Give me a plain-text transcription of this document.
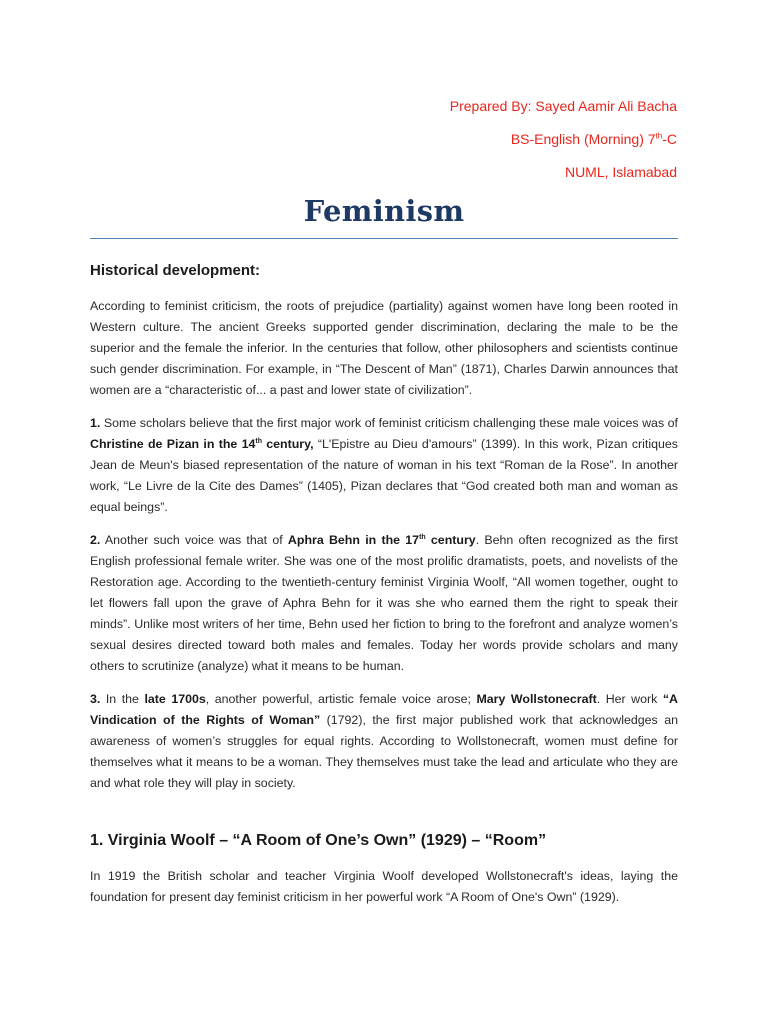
Prepared By: Sayed Aamir Ali Bacha
BS-English (Morning) 7th-C
NUML, Islamabad
Feminism
Historical development:

According to feminist criticism, the roots of prejudice (partiality) against women have long been rooted in Western culture. The ancient Greeks supported gender discrimination, declaring the male to be the superior and the female the inferior. In the centuries that follow, other philosophers and scientists continue such gender discrimination. For example, in “The Descent of Man” (1871), Charles Darwin announces that women are a “characteristic of... a past and lower state of civilization”.

1. Some scholars believe that the first major work of feminist criticism challenging these male voices was of Christine de Pizan in the 14th century, “L'Epistre au Dieu d'amours” (1399). In this work, Pizan critiques Jean de Meun's biased representation of the nature of woman in his text “Roman de la Rose”. In another work, “Le Livre de la Cite des Dames” (1405), Pizan declares that “God created both man and woman as equal beings”.

2. Another such voice was that of Aphra Behn in the 17th century. Behn often recognized as the first English professional female writer. She was one of the most prolific dramatists, poets, and novelists of the Restoration age. According to the twentieth-century feminist Virginia Woolf, “All women together, ought to let flowers fall upon the grave of Aphra Behn for it was she who earned them the right to speak their minds”. Unlike most writers of her time, Behn used her fiction to bring to the forefront and analyze women’s sexual desires directed toward both males and females. Today her words provide scholars and many others to scrutinize (analyze) what it means to be human.

3. In the late 1700s, another powerful, artistic female voice arose; Mary Wollstonecraft. Her work “A Vindication of the Rights of Woman” (1792), the first major published work that acknowledges an awareness of women’s struggles for equal rights. According to Wollstonecraft, women must define for themselves what it means to be a woman. They themselves must take the lead and articulate who they are and what role they will play in society.

1. Virginia Woolf – “A Room of One’s Own” (1929) – “Room”

In 1919 the British scholar and teacher Virginia Woolf developed Wollstonecraft's ideas, laying the foundation for present day feminist criticism in her powerful work “A Room of One's Own” (1929).
